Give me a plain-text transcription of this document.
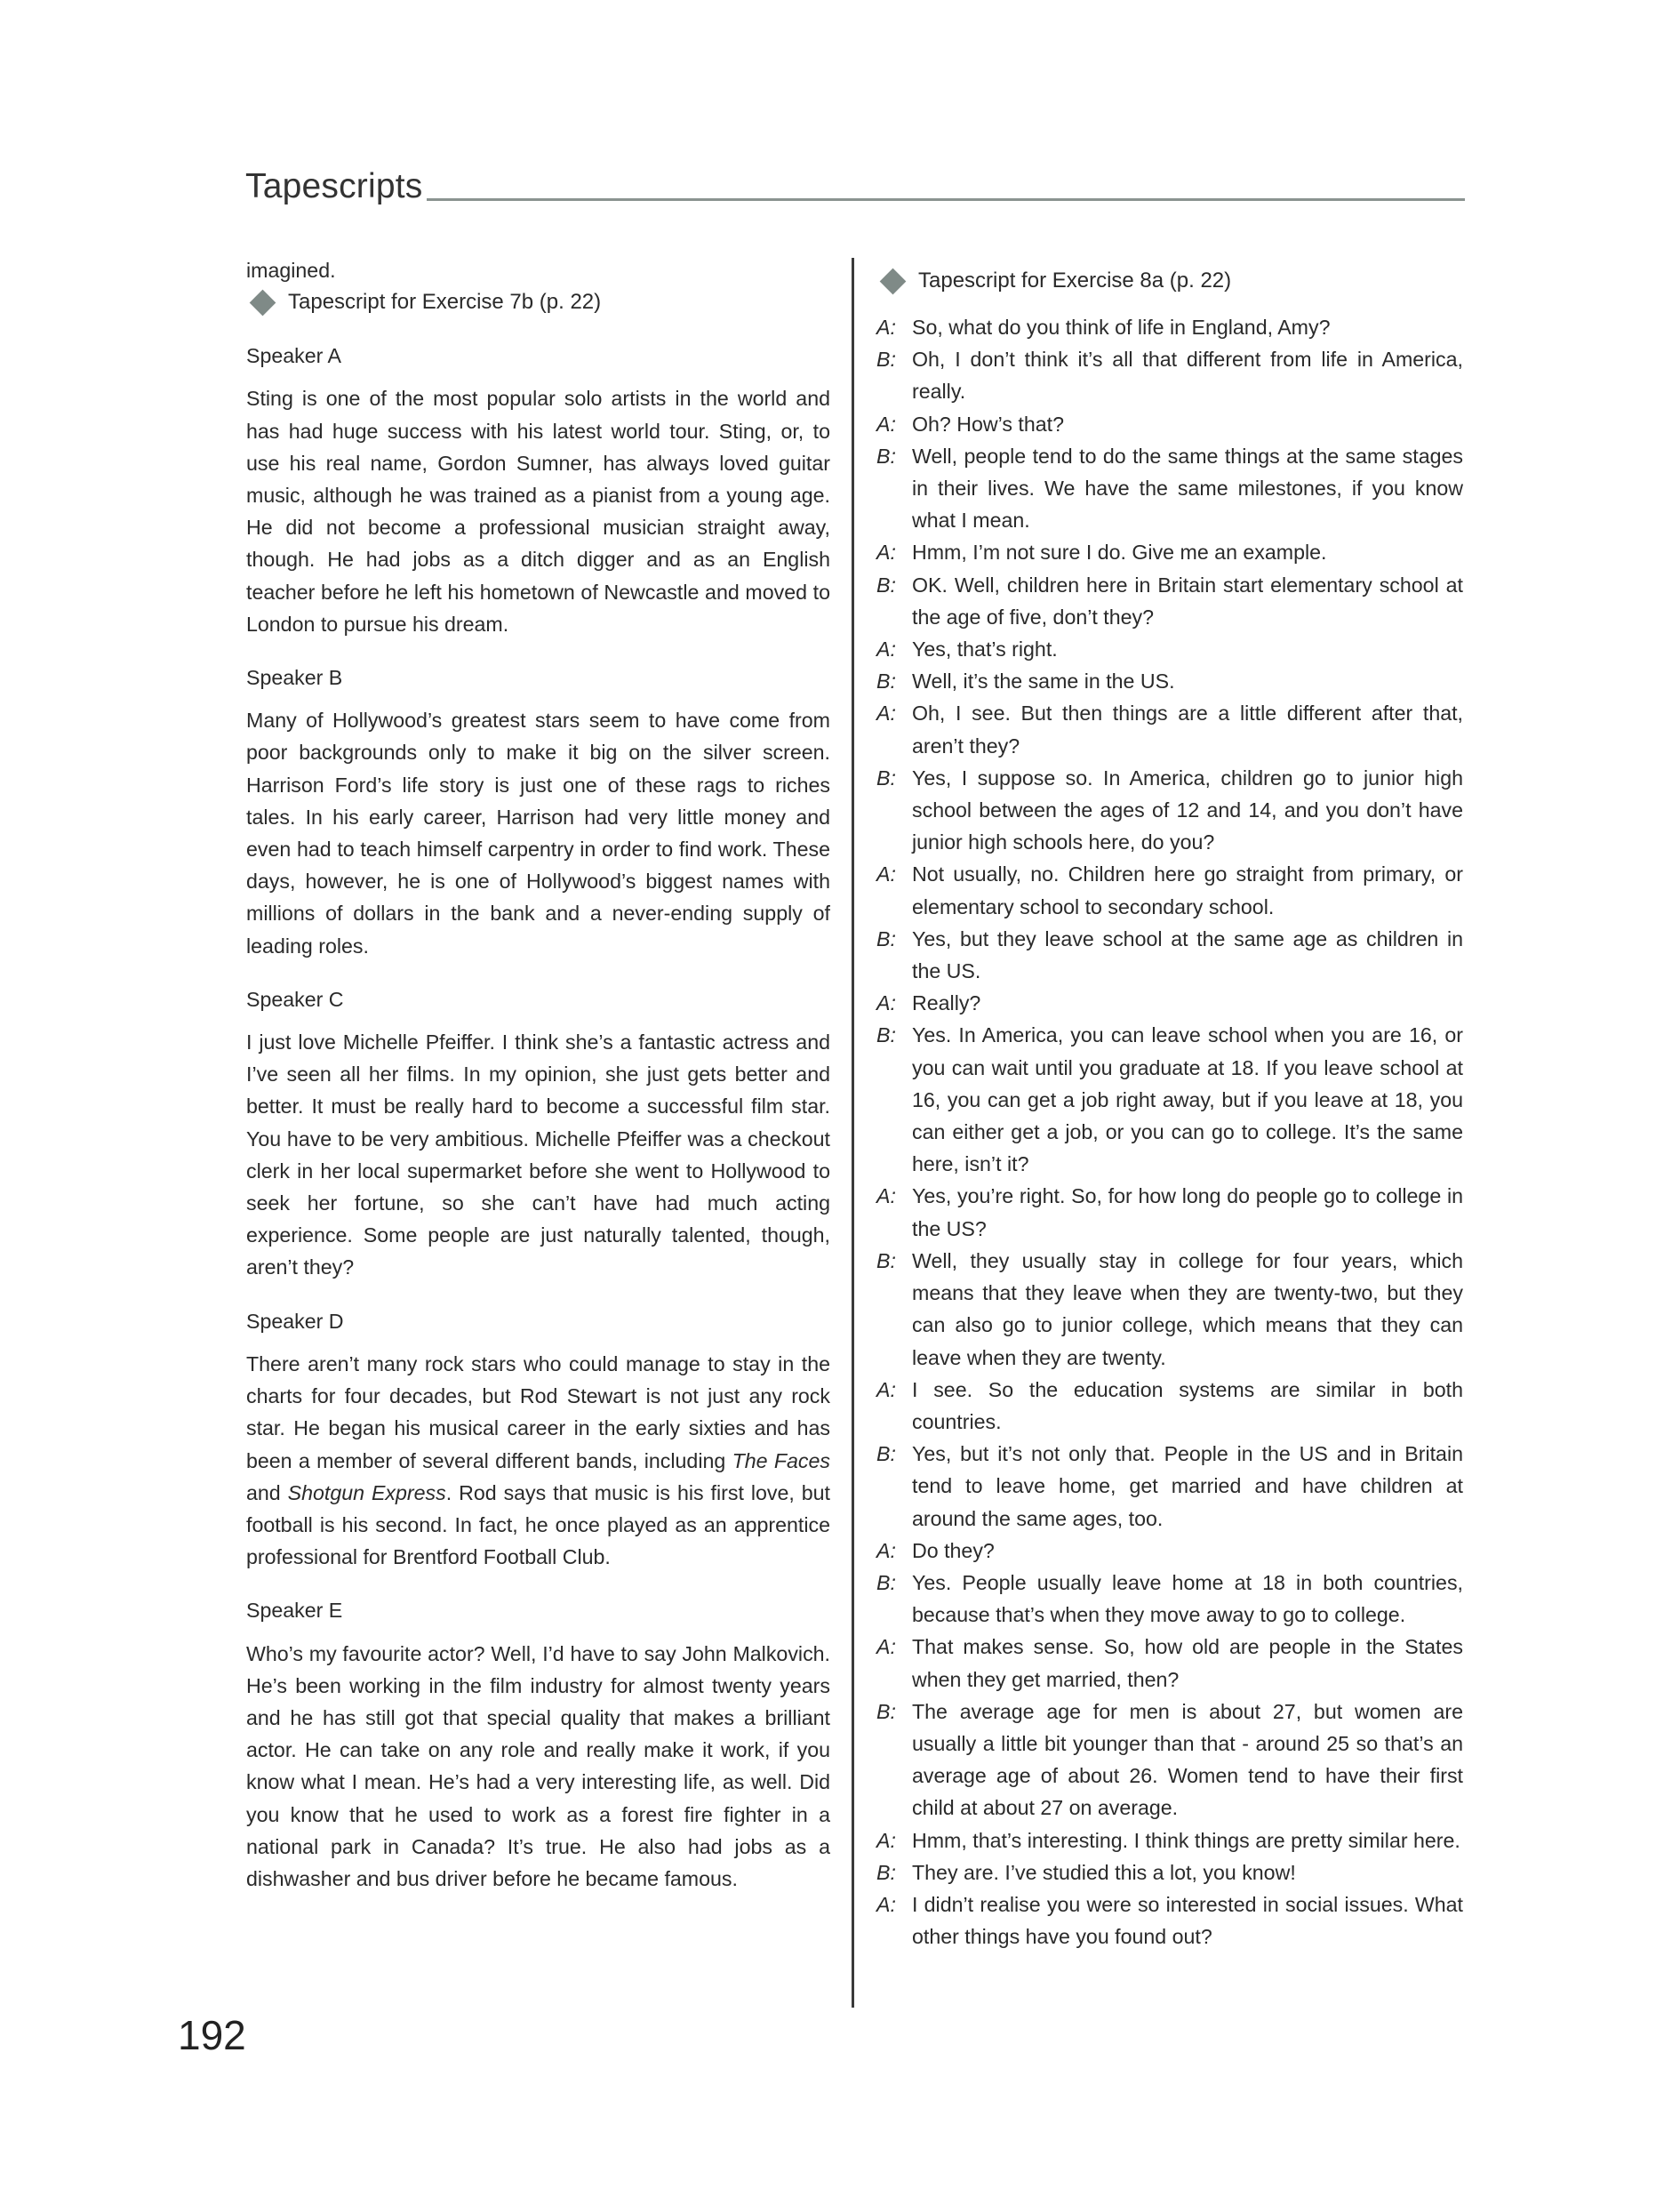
Tapescripts

imagined.

Tapescript for Exercise 7b (p. 22)
Speaker A

Sting is one of the most popular solo artists in the world and has had huge success with his latest world tour. Sting, or, to use his real name, Gordon Sumner, has always loved guitar music, although he was trained as a pianist from a young age. He did not become a professional musician straight away, though. He had jobs as a ditch digger and as an English teacher before he left his hometown of Newcastle and moved to London to pursue his dream.

Speaker B

Many of Hollywood’s greatest stars seem to have come from poor backgrounds only to make it big on the silver screen. Harrison Ford’s life story is just one of these rags to riches tales. In his early career, Harrison had very little money and even had to teach himself carpentry in order to find work. These days, however, he is one of Hollywood’s biggest names with millions of dollars in the bank and a never-ending supply of leading roles.

Speaker C

I just love Michelle Pfeiffer. I think she’s a fantastic actress and I’ve seen all her films. In my opinion, she just gets better and better. It must be really hard to become a successful film star. You have to be very ambitious. Michelle Pfeiffer was a checkout clerk in her local supermarket before she went to Hollywood to seek her fortune, so she can’t have had much acting experience. Some people are just naturally talented, though, aren’t they?

Speaker D

There aren’t many rock stars who could manage to stay in the charts for four decades, but Rod Stewart is not just any rock star. He began his musical career in the early sixties and has been a member of several different bands, including The Faces and Shotgun Express. Rod says that music is his first love, but football is his second. In fact, he once played as an apprentice professional for Brentford Football Club.

Speaker E

Who’s my favourite actor? Well, I’d have to say John Malkovich. He’s been working in the film industry for almost twenty years and he has still got that special quality that makes a brilliant actor. He can take on any role and really make it work, if you know what I mean. He’s had a very interesting life, as well. Did you know that he used to work as a forest fire fighter in a national park in Canada? It’s true. He also had jobs as a dishwasher and bus driver before he became famous.

Tapescript for Exercise 8a (p. 22)
A: So, what do you think of life in England, Amy?
B: Oh, I don’t think it’s all that different from life in America, really.
A: Oh? How’s that?
B: Well, people tend to do the same things at the same stages in their lives. We have the same milestones, if you know what I mean.
A: Hmm, I’m not sure I do. Give me an example.
B: OK. Well, children here in Britain start elementary school at the age of five, don’t they?
A: Yes, that’s right.
B: Well, it’s the same in the US.
A: Oh, I see. But then things are a little different after that, aren’t they?
B: Yes, I suppose so. In America, children go to junior high school between the ages of 12 and 14, and you don’t have junior high schools here, do you?
A: Not usually, no. Children here go straight from primary, or elementary school to secondary school.
B: Yes, but they leave school at the same age as children in the US.
A: Really?
B: Yes. In America, you can leave school when you are 16, or you can wait until you graduate at 18. If you leave school at 16, you can get a job right away, but if you leave at 18, you can either get a job, or you can go to college. It’s the same here, isn’t it?
A: Yes, you’re right. So, for how long do people go to college in the US?
B: Well, they usually stay in college for four years, which means that they leave when they are twenty-two, but they can also go to junior college, which means that they can leave when they are twenty.
A: I see. So the education systems are similar in both countries.
B: Yes, but it’s not only that. People in the US and in Britain tend to leave home, get married and have children at around the same ages, too.
A: Do they?
B: Yes. People usually leave home at 18 in both countries, because that’s when they move away to go to college.
A: That makes sense. So, how old are people in the States when they get married, then?
B: The average age for men is about 27, but women are usually a little bit younger than that - around 25 so that’s an average age of about 26. Women tend to have their first child at about 27 on average.
A: Hmm, that’s interesting. I think things are pretty similar here.
B: They are. I’ve studied this a lot, you know!
A: I didn’t realise you were so interested in social issues. What other things have you found out?
192
